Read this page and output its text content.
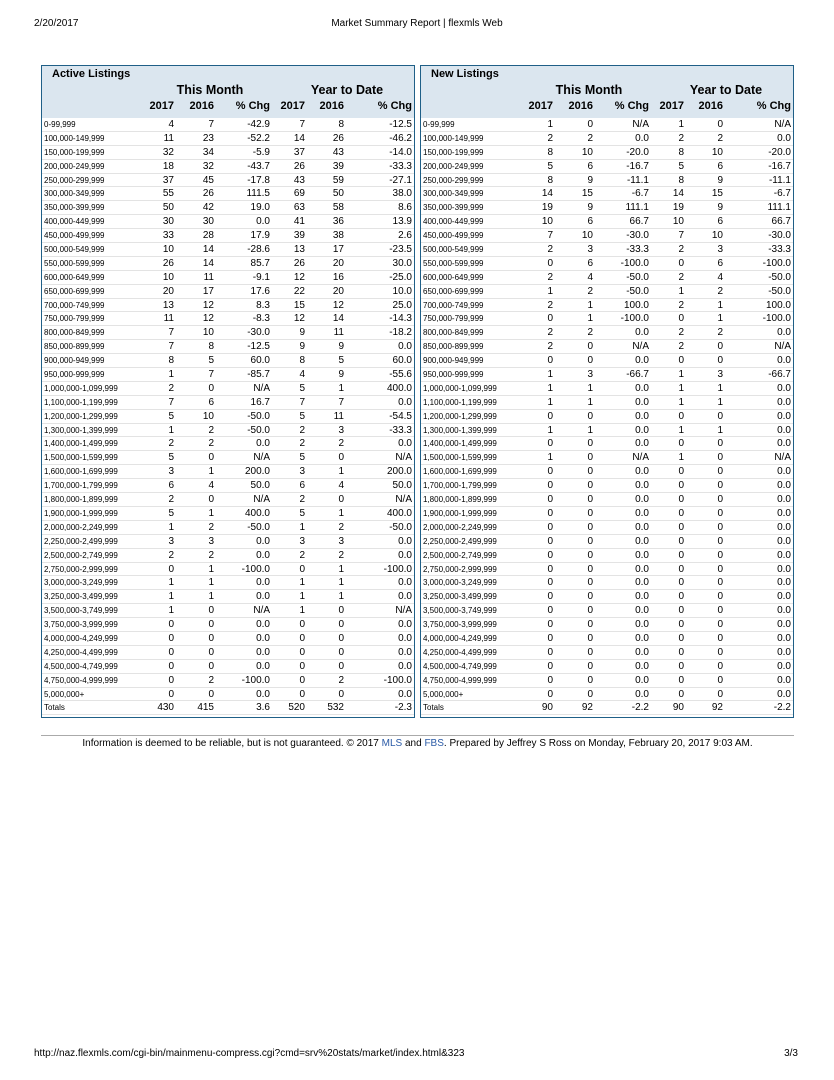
2/20/2017	Market Summary Report | flexmls Web
Active Listings
This Month	Year to Date
2017	2016	% Chg 2017	2016	% Chg
0-99,999	4	7	-42.9	7	8	-12.5
100,000-149,999	11	23	-52.2	14	26	-46.2
150,000-199,999	32	34	-5.9	37	43	-14.0
200,000-249,999	18	32	-43.7	26	39	-33.3
250,000-299,999	37	45	-17.8	43	59	-27.1
300,000-349,999	55	26	111.5	69	50	38.0
350,000-399,999	50	42	19.0	63	58	8.6
400,000-449,999	30	30	0.0	41	36	13.9
450,000-499,999	33	28	17.9	39	38	2.6
500,000-549,999	10	14	-28.6	13	17	-23.5
550,000-599,999	26	14	85.7	26	20	30.0
600,000-649,999	10	11	-9.1	12	16	-25.0
650,000-699,999	20	17	17.6	22	20	10.0
700,000-749,999	13	12	8.3	15	12	25.0
750,000-799,999	11	12	-8.3	12	14	-14.3
800,000-849,999	7	10	-30.0	9	11	-18.2
850,000-899,999	7	8	-12.5	9	9	0.0
900,000-949,999	8	5	60.0	8	5	60.0
950,000-999,999	1	7	-85.7	4	9	-55.6
1,000,000-1,099,999	2	0	N/A	5	1	400.0
1,100,000-1,199,999	7	6	16.7	7	7	0.0
1,200,000-1,299,999	5	10	-50.0	5	11	-54.5
1,300,000-1,399,999	1	2	-50.0	2	3	-33.3
1,400,000-1,499,999	2	2	0.0	2	2	0.0
1,500,000-1,599,999	5	0	N/A	5	0	N/A
1,600,000-1,699,999	3	1	200.0	3	1	200.0
1,700,000-1,799,999	6	4	50.0	6	4	50.0
1,800,000-1,899,999	2	0	N/A	2	0	N/A
1,900,000-1,999,999	5	1	400.0	5	1	400.0
2,000,000-2,249,999	1	2	-50.0	1	2	-50.0
2,250,000-2,499,999	3	3	0.0	3	3	0.0
2,500,000-2,749,999	2	2	0.0	2	2	0.0
2,750,000-2,999,999	0	1	-100.0	0	1	-100.0
3,000,000-3,249,999	1	1	0.0	1	1	0.0
3,250,000-3,499,999	1	1	0.0	1	1	0.0
3,500,000-3,749,999	1	0	N/A	1	0	N/A
3,750,000-3,999,999	0	0	0.0	0	0	0.0
4,000,000-4,249,999	0	0	0.0	0	0	0.0
4,250,000-4,499,999	0	0	0.0	0	0	0.0
4,500,000-4,749,999	0	0	0.0	0	0	0.0
4,750,000-4,999,999	0	2	-100.0	0	2	-100.0
5,000,000+	0	0	0.0	0	0	0.0
Totals	430	415	3.6	520	532	-2.3
New Listings
This Month	Year to Date
2017	2016	% Chg 2017	2016	% Chg
0-99,999	1	0	N/A	1	0	N/A
100,000-149,999	2	2	0.0	2	2	0.0
150,000-199,999	8	10	-20.0	8	10	-20.0
200,000-249,999	5	6	-16.7	5	6	-16.7
250,000-299,999	8	9	-11.1	8	9	-11.1
300,000-349,999	14	15	-6.7	14	15	-6.7
350,000-399,999	19	9	111.1	19	9	111.1
400,000-449,999	10	6	66.7	10	6	66.7
450,000-499,999	7	10	-30.0	7	10	-30.0
500,000-549,999	2	3	-33.3	2	3	-33.3
550,000-599,999	0	6	-100.0	0	6	-100.0
600,000-649,999	2	4	-50.0	2	4	-50.0
650,000-699,999	1	2	-50.0	1	2	-50.0
700,000-749,999	2	1	100.0	2	1	100.0
750,000-799,999	0	1	-100.0	0	1	-100.0
800,000-849,999	2	2	0.0	2	2	0.0
850,000-899,999	2	0	N/A	2	0	N/A
900,000-949,999	0	0	0.0	0	0	0.0
950,000-999,999	1	3	-66.7	1	3	-66.7
1,000,000-1,099,999	1	1	0.0	1	1	0.0
1,100,000-1,199,999	1	1	0.0	1	1	0.0
1,200,000-1,299,999	0	0	0.0	0	0	0.0
1,300,000-1,399,999	1	1	0.0	1	1	0.0
1,400,000-1,499,999	0	0	0.0	0	0	0.0
1,500,000-1,599,999	1	0	N/A	1	0	N/A
1,600,000-1,699,999	0	0	0.0	0	0	0.0
1,700,000-1,799,999	0	0	0.0	0	0	0.0
1,800,000-1,899,999	0	0	0.0	0	0	0.0
1,900,000-1,999,999	0	0	0.0	0	0	0.0
2,000,000-2,249,999	0	0	0.0	0	0	0.0
2,250,000-2,499,999	0	0	0.0	0	0	0.0
2,500,000-2,749,999	0	0	0.0	0	0	0.0
2,750,000-2,999,999	0	0	0.0	0	0	0.0
3,000,000-3,249,999	0	0	0.0	0	0	0.0
3,250,000-3,499,999	0	0	0.0	0	0	0.0
3,500,000-3,749,999	0	0	0.0	0	0	0.0
3,750,000-3,999,999	0	0	0.0	0	0	0.0
4,000,000-4,249,999	0	0	0.0	0	0	0.0
4,250,000-4,499,999	0	0	0.0	0	0	0.0
4,500,000-4,749,999	0	0	0.0	0	0	0.0
4,750,000-4,999,999	0	0	0.0	0	0	0.0
5,000,000+	0	0	0.0	0	0	0.0
Totals	90	92	-2.2	90	92	-2.2
Information is deemed to be reliable, but is not guaranteed. © 2017 MLS and FBS. Prepared by Jeffrey S Ross on Monday, February 20, 2017 9:03 AM.
http://naz.flexmls.com/cgi-bin/mainmenu-compress.cgi?cmd=srv%20stats/market/index.html&323	3/3
